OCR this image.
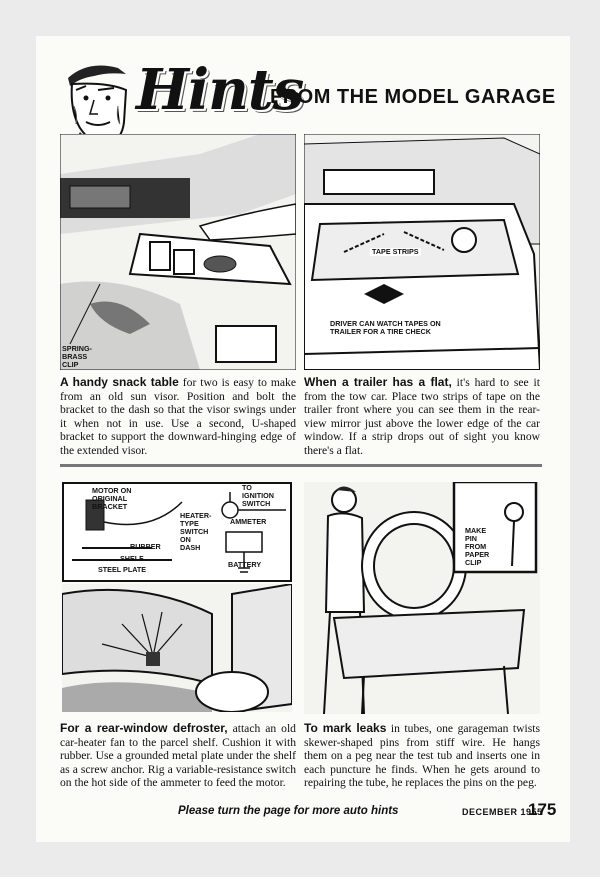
Hints
FROM THE MODEL GARAGE
SPRING-
BRASS
CLIP
TAPE STRIPS
DRIVER CAN WATCH TAPES ON
TRAILER FOR A TIRE CHECK
A handy snack table for two is easy to make from an old sun visor. Position and bolt the bracket to the dash so that the visor swings under it when not in use. Use a second, U-shaped bracket to support the downward-hinging edge of the extended visor.
When a trailer has a flat, it's hard to see it from the tow car. Place two strips of tape on the trailer front where you can see them in the rear-view mirror just above the lower edge of the car window. If a strip drops out of sight you know there's a flat.
MOTOR ON
ORIGINAL
BRACKET
TO
IGNITION
SWITCH
HEATER-
TYPE
SWITCH
ON
DASH
AMMETER
RUBBER
SHELF
STEEL PLATE
BATTERY
MAKE
PIN
FROM
PAPER
CLIP
For a rear-window defroster, attach an old car-heater fan to the parcel shelf. Cushion it with rubber. Use a grounded metal plate under the shelf as a screw anchor. Rig a variable-resistance switch on the hot side of the ammeter to feed the motor.
To mark leaks in tubes, one garageman twists skewer-shaped pins from stiff wire. He hangs them on a peg near the test tub and inserts one in each puncture he finds. When he gets around to repairing the tube, he replaces the pins on the peg.
Please turn the page for more auto hints	DECEMBER 1955
175
